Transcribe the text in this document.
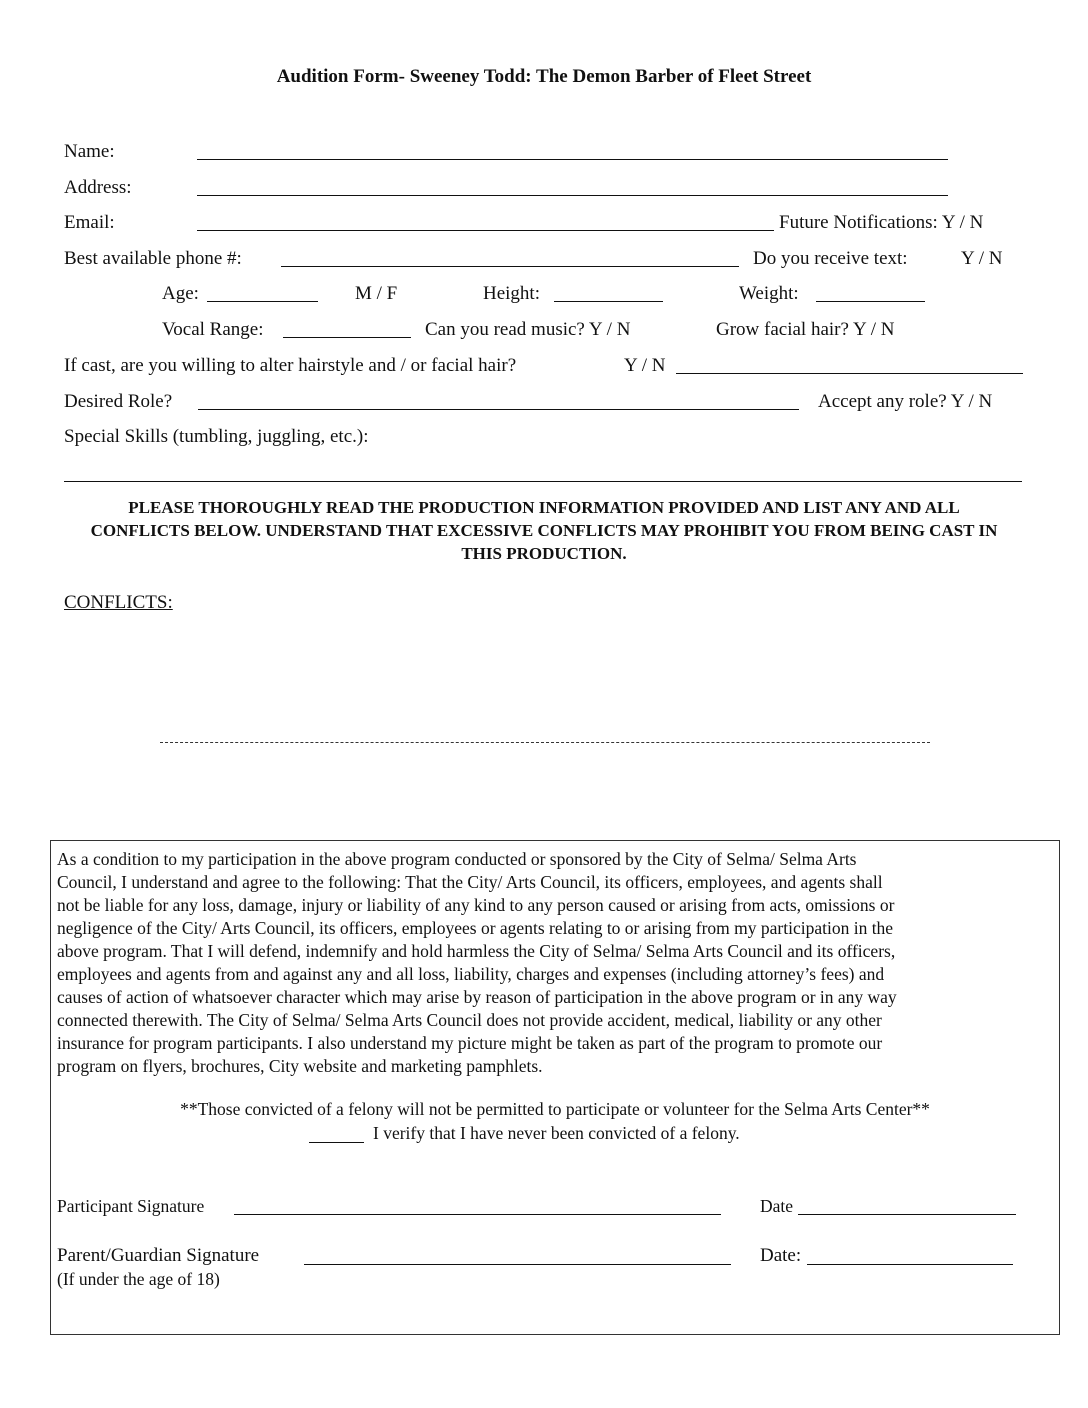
Audition Form- Sweeney Todd: The Demon Barber of Fleet Street
Name:
Address:
Email:	Future Notifications: Y / N
Best available phone #:	Do you receive text:	Y / N
Age:	M / F	Height:	Weight:
Vocal Range:	Can you read music? Y / N	Grow facial hair? Y / N
If cast, are you willing to alter hairstyle and / or facial hair?	Y / N
Desired Role?	Accept any role? Y / N
Special Skills (tumbling, juggling, etc.):
PLEASE THOROUGHLY READ THE PRODUCTION INFORMATION PROVIDED AND LIST ANY AND ALL
CONFLICTS BELOW. UNDERSTAND THAT EXCESSIVE CONFLICTS MAY PROHIBIT YOU FROM BEING CAST IN
THIS PRODUCTION.
CONFLICTS:
As a condition to my participation in the above program conducted or sponsored by the City of Selma/ Selma Arts
Council, I understand and agree to the following: That the City/ Arts Council, its officers, employees, and agents shall
not be liable for any loss, damage, injury or liability of any kind to any person caused or arising from acts, omissions or
negligence of the City/ Arts Council, its officers, employees or agents relating to or arising from my participation in the
above program. That I will defend, indemnify and hold harmless the City of Selma/ Selma Arts Council and its officers,
employees and agents from and against any and all loss, liability, charges and expenses (including attorney’s fees) and
causes of action of whatsoever character which may arise by reason of participation in the above program or in any way
connected therewith. The City of Selma/ Selma Arts Council does not provide accident, medical, liability or any other
insurance for program participants. I also understand my picture might be taken as part of the program to promote our
program on flyers, brochures, City website and marketing pamphlets.
**Those convicted of a felony will not be permitted to participate or volunteer for the Selma Arts Center**
I verify that I have never been convicted of a felony.
Participant Signature	Date
Parent/Guardian Signature	Date:
(If under the age of 18)
